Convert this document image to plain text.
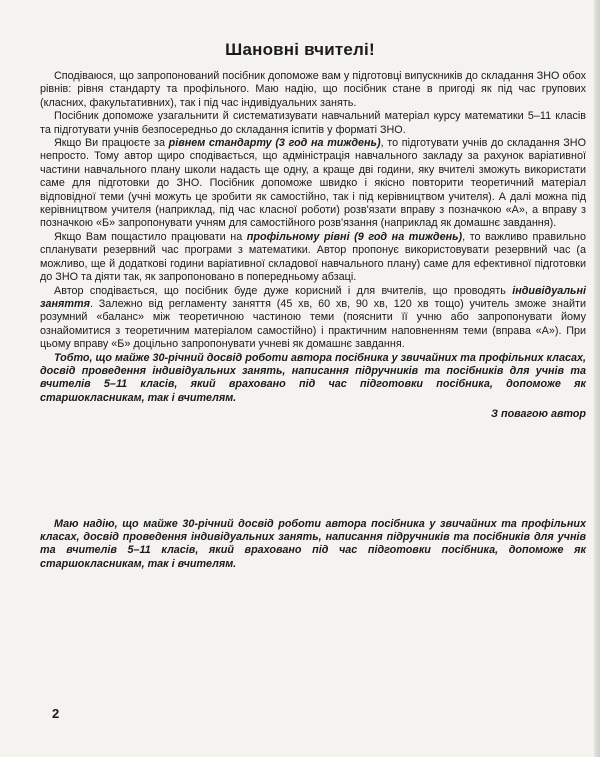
Шановні вчителі!

Сподіваюся, що запропонований посібник допоможе вам у підготовці випускників до складання ЗНО обох рівнів: рівня стандарту та профільного. Маю надію, що посібник стане в пригоді як під час групових (класних, факультативних), так і під час індивідуальних занять.

Посібник допоможе узагальнити й систематизувати навчальний матеріал курсу математики 5–11 класів та підготувати учнів безпосередньо до складання іспитів у форматі ЗНО.

Якщо Ви працюєте за рівнем стандарту (3 год на тиждень), то підготувати учнів до складання ЗНО непросто. Тому автор щиро сподівається, що адміністрація навчального закладу за рахунок варіативної частини навчального плану школи надасть ще одну, а краще дві години, яку вчителі зможуть використати саме для підготовки до ЗНО. Посібник допоможе швидко і якісно повторити теоретичний матеріал відповідної теми (учні можуть це зробити як самостійно, так і під керівництвом учителя). А далі можна під керівництвом учителя (наприклад, під час класної роботи) розв'язати вправу з позначкою «А», а вправу з позначкою «Б» запропонувати учням для самостійного розв'язання (наприклад як домашнє завдання).

Якщо Вам пощастило працювати на профільному рівні (9 год на тиждень), то важливо правильно спланувати резервний час програми з математики. Автор пропонує використовувати резервний час (а можливо, ще й додаткові години варіативної складової навчального плану) саме для ефективної підготовки до ЗНО та діяти так, як запропоновано в попередньому абзаці.

Автор сподівається, що посібник буде дуже корисний і для вчителів, що проводять індивідуальні заняття. Залежно від регламенту заняття (45 хв, 60 хв, 90 хв, 120 хв тощо) учитель зможе знайти розумний «баланс» між теоретичною частиною теми (пояснити її учню або запропонувати йому ознайомитися з теоретичним матеріалом самостійно) і практичним наповненням теми (вправа «А»). При цьому вправу «Б» доцільно запропонувати учневі як домашнє завдання.

Тобто, що майже 30-річний досвід роботи автора посібника у звичайних та профільних класах, досвід проведення індивідуальних занять, написання підручників та посібників для учнів та вчителів 5–11 класів, який враховано під час підготовки посібника, допоможе як старшокласникам, так і вчителям.

З повагою автор

Маю надію, що майже 30-річний досвід роботи автора посібника у звичайних та профільних класах, досвід проведення індивідуальних занять, написання підручників та посібників для учнів та вчителів 5–11 класів, який враховано під час підготовки посібника, допоможе як старшокласникам, так і вчителям.

2
